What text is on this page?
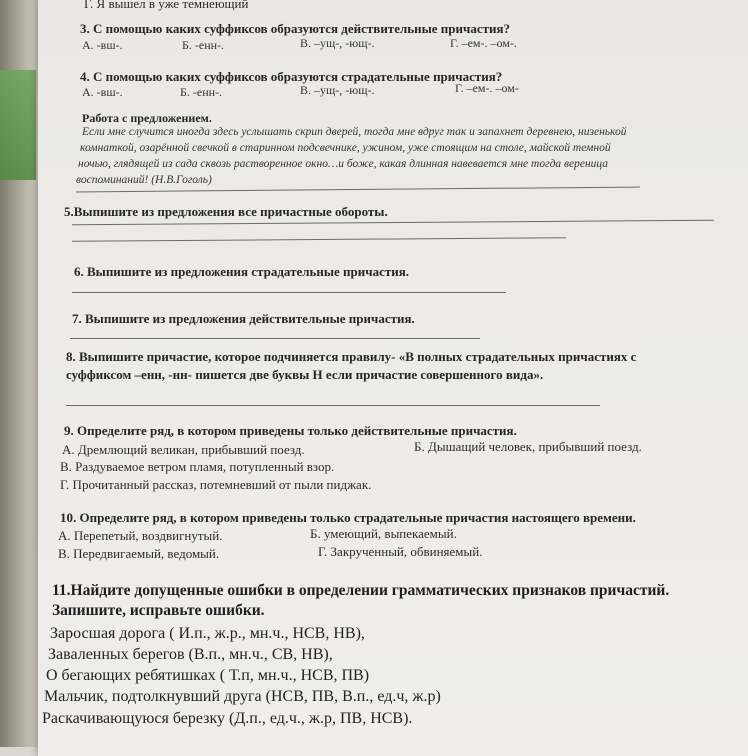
Г. Я вышел в уже темнеющий
3. С помощью каких суффиксов образуются действительные причастия?
А. -вш-.	Б. -енн-.	В. –ущ-, -ющ-.	Г. –ем-. –ом-.
4. С помощью каких суффиксов образуются страдательные причастия?
А. -вш-.	Б. -енн-.	В. –ущ-, -ющ-.	Г. –ем-. –ом-
Работа с предложением.
Если мне случится иногда здесь услышать скрип дверей, тогда мне вдруг так и запахнет деревнею, низенькой
комнаткой, озарённой свечкой в старинном подсвечнике, ужином, уже стоящим на столе, майской темной
ночью, глядящей из сада сквозь растворенное окно…и боже, какая длинная навевается мне тогда вереница
воспоминаний! (Н.В.Гоголь)
5.Выпишите из предложения все причастные обороты.
6. Выпишите из предложения страдательные причастия.
7. Выпишите из предложения действительные причастия.
8. Выпишите причастие, которое подчиняется правилу- «В полных страдательных причастиях с
суффиксом –енн, -нн- пишется две буквы Н если причастие совершенного вида».
9. Определите ряд, в котором приведены только действительные причастия.
А. Дремлющий великан, прибывший поезд.	Б. Дышащий человек, прибывший поезд.
В. Раздуваемое ветром пламя, потупленный взор.
Г. Прочитанный рассказ, потемневший от пыли пиджак.
10. Определите ряд, в котором приведены только страдательные причастия настоящего времени.
А. Перепетый, воздвигнутый.	Б. умеющий, выпекаемый.
В. Передвигаемый, ведомый.	Г. Закрученный, обвиняемый.
11.Найдите допущенные ошибки в определении грамматических признаков причастий.
Запишите, исправьте ошибки.
Заросшая дорога ( И.п., ж.р., мн.ч., НСВ, НВ),
Заваленных берегов (В.п., мн.ч., СВ, НВ),
О бегающих ребятишках ( Т.п, мн.ч., НСВ, ПВ)
Мальчик, подтолкнувший друга (НСВ, ПВ, В.п., ед.ч, ж.р)
Раскачивающуюся березку (Д.п., ед.ч., ж.р, ПВ, НСВ).
